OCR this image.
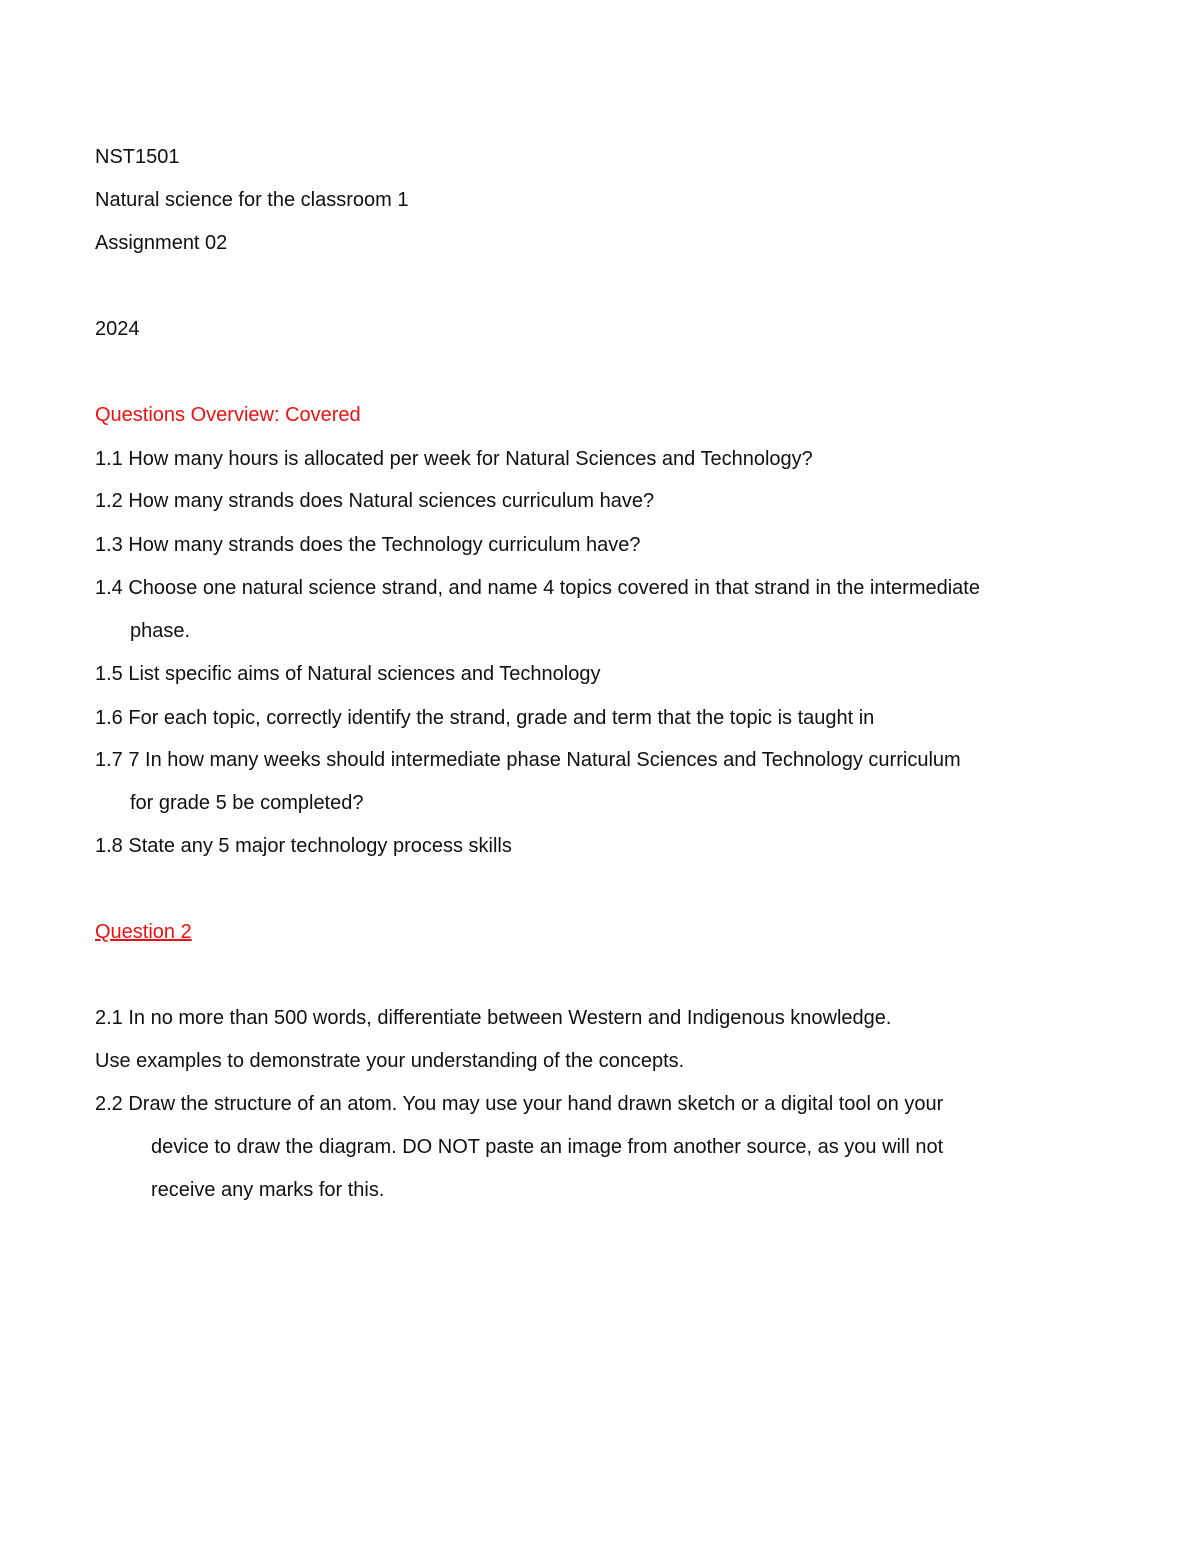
NST1501
Natural science for the classroom 1
Assignment 02
2024
Questions Overview: Covered
1.1 How many hours is allocated per week for Natural Sciences and Technology?
1.2 How many strands does Natural sciences curriculum have?
1.3 How many strands does the Technology curriculum have?
1.4 Choose one natural science strand, and name 4 topics covered in that strand in the intermediate
phase.
1.5 List specific aims of Natural sciences and Technology
1.6 For each topic, correctly identify the strand, grade and term that the topic is taught in
1.7 7 In how many weeks should intermediate phase Natural Sciences and Technology curriculum
for grade 5 be completed?
1.8 State any 5 major technology process skills
Question 2
2.1 In no more than 500 words, differentiate between Western and Indigenous knowledge.
Use examples to demonstrate your understanding of the concepts.
2.2 Draw the structure of an atom. You may use your hand drawn sketch or a digital tool on your
device to draw the diagram. DO NOT paste an image from another source, as you will not
receive any marks for this.
